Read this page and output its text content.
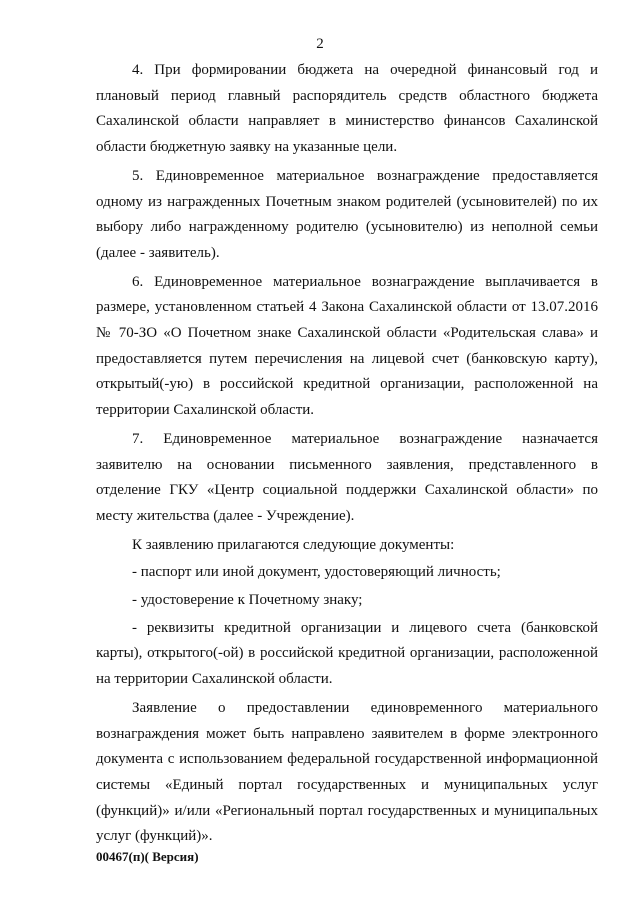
2

4. При формировании бюджета на очередной финансовый год и плановый период главный распорядитель средств областного бюджета Сахалинской области направляет в министерство финансов Сахалинской области бюджетную заявку на указанные цели.

5. Единовременное материальное вознаграждение предоставляется одному из награжденных Почетным знаком родителей (усыновителей) по их выбору либо награжденному родителю (усыновителю) из неполной семьи (далее - заявитель).

6. Единовременное материальное вознаграждение выплачивается в размере, установленном статьей 4 Закона Сахалинской области от 13.07.2016 № 70-ЗО «О Почетном знаке Сахалинской области «Родительская слава» и предоставляется путем перечисления на лицевой счет (банковскую карту), открытый(-ую) в российской кредитной организации, расположенной на территории Сахалинской области.

7. Единовременное материальное вознаграждение назначается заявителю на основании письменного заявления, представленного в отделение ГКУ «Центр социальной поддержки Сахалинской области» по месту жительства (далее - Учреждение).

К заявлению прилагаются следующие документы:

- паспорт или иной документ, удостоверяющий личность;

- удостоверение к Почетному знаку;

- реквизиты кредитной организации и лицевого счета (банковской карты), открытого(-ой) в российской кредитной организации, расположенной на территории Сахалинской области.

Заявление о предоставлении единовременного материального вознаграждения может быть направлено заявителем в форме электронного документа с использованием федеральной государственной информационной системы «Единый портал государственных и муниципальных услуг (функций)» и/или «Региональный портал государственных и муниципальных услуг (функций)».

00467(п)( Версия)
